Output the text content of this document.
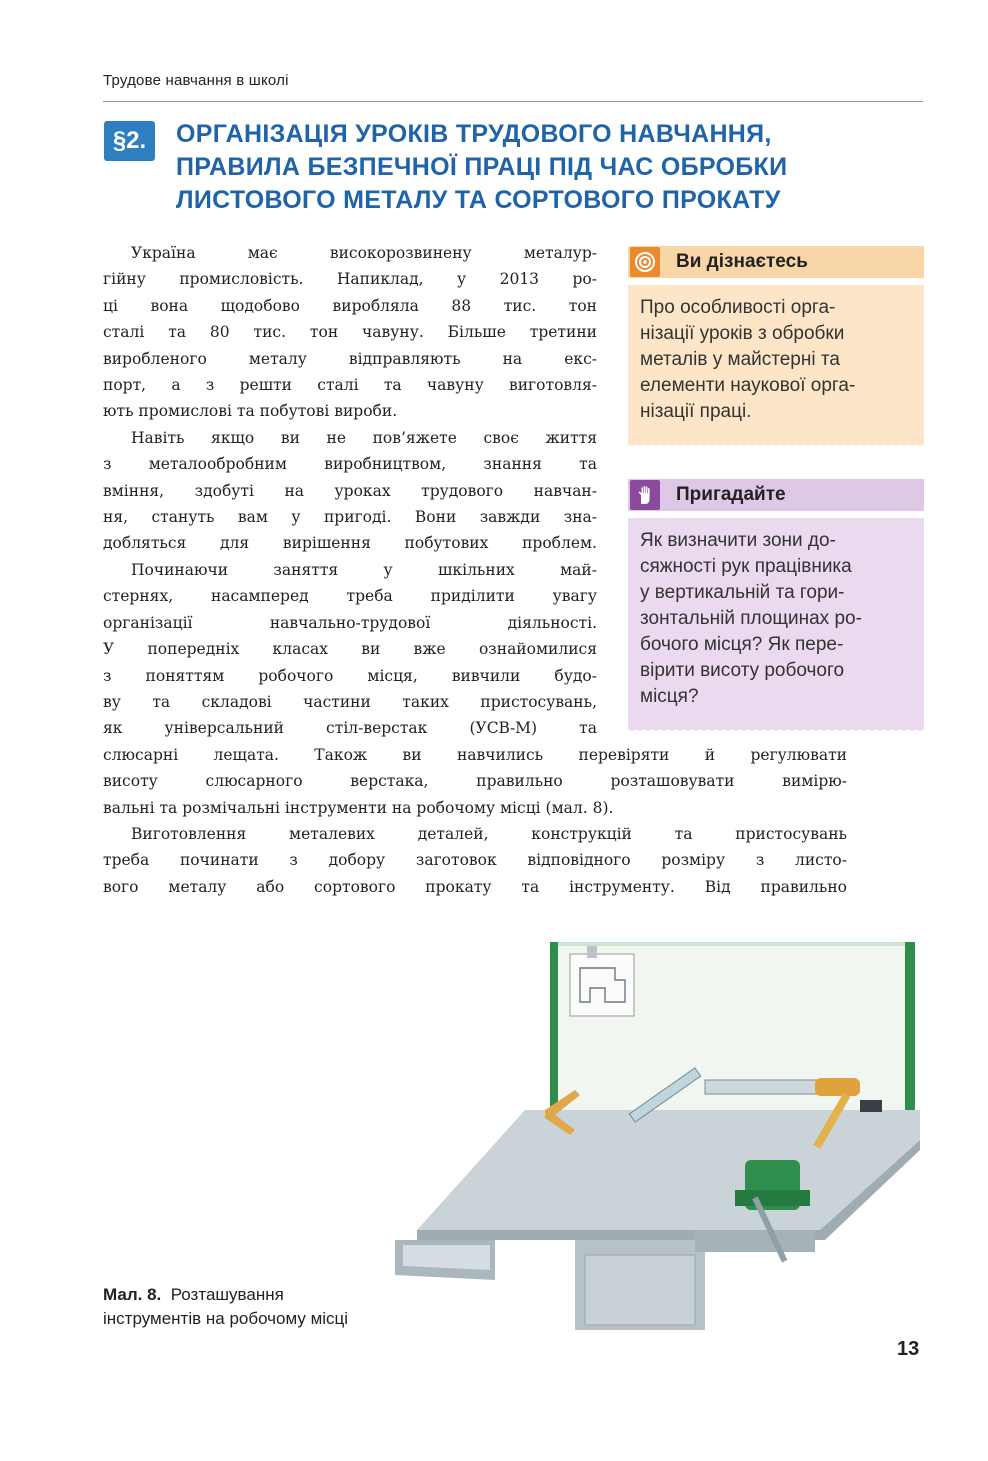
Трудове навчання в школі
§2.	ОРГАНІЗАЦІЯ УРОКІВ ТРУДОВОГО НАВЧАННЯ,
ПРАВИЛА БЕЗПЕЧНОЇ ПРАЦІ ПІД ЧАС ОБРОБКИ
ЛИСТОВОГО МЕТАЛУ ТА СОРТОВОГО ПРОКАТУ
Україна має високорозвинену металур-
гійну промисловість. Напиклад, у 2013 ро-
ці вона щодобово виробляла 88 тис. тон
сталі та 80 тис. тон чавуну. Більше третини
виробленого металу відправляють на екс-
порт, а з решти сталі та чавуну виготовля-
ють промислові та побутові вироби.
Навіть якщо ви не пов’яжете своє життя
з металообробним виробництвом, знання та
вміння, здобуті на уроках трудового навчан-
ня, стануть вам у пригоді. Вони завжди зна-
добляться для вирішення побутових проблем.
Починаючи заняття у шкільних май-
стернях, насамперед треба приділити увагу
організації навчально-трудової діяльності.
У попередніх класах ви вже ознайомилися
з поняттям робочого місця, вивчили будо-
ву та складові частини таких пристосувань,
як універсальний стіл-верстак (УСВ-М) та
слюсарні лещата. Також ви навчились перевіряти й регулювати
висоту слюсарного верстака, правильно розташовувати вимірю-
вальні та розмічальні інструменти на робочому місці (мал. 8).
Виготовлення металевих деталей, конструкцій та пристосувань
треба починати з добору заготовок відповідного розміру з листо-
вого металу або сортового прокату та інструменту. Від правильно
Ви дізнаєтесь
Про особливості орга-
нізації уроків з обробки
металів у майстерні та
елементи наукової орга-
нізації праці.
Пригадайте
Як визначити зони до-
сяжності рук працівника
у вертикальній та гори-
зонтальній площинах ро-
бочого місця? Як пере-
вірити висоту робочого
місця?
Мал. 8. Розташування
інструментів на робочому місці
13
